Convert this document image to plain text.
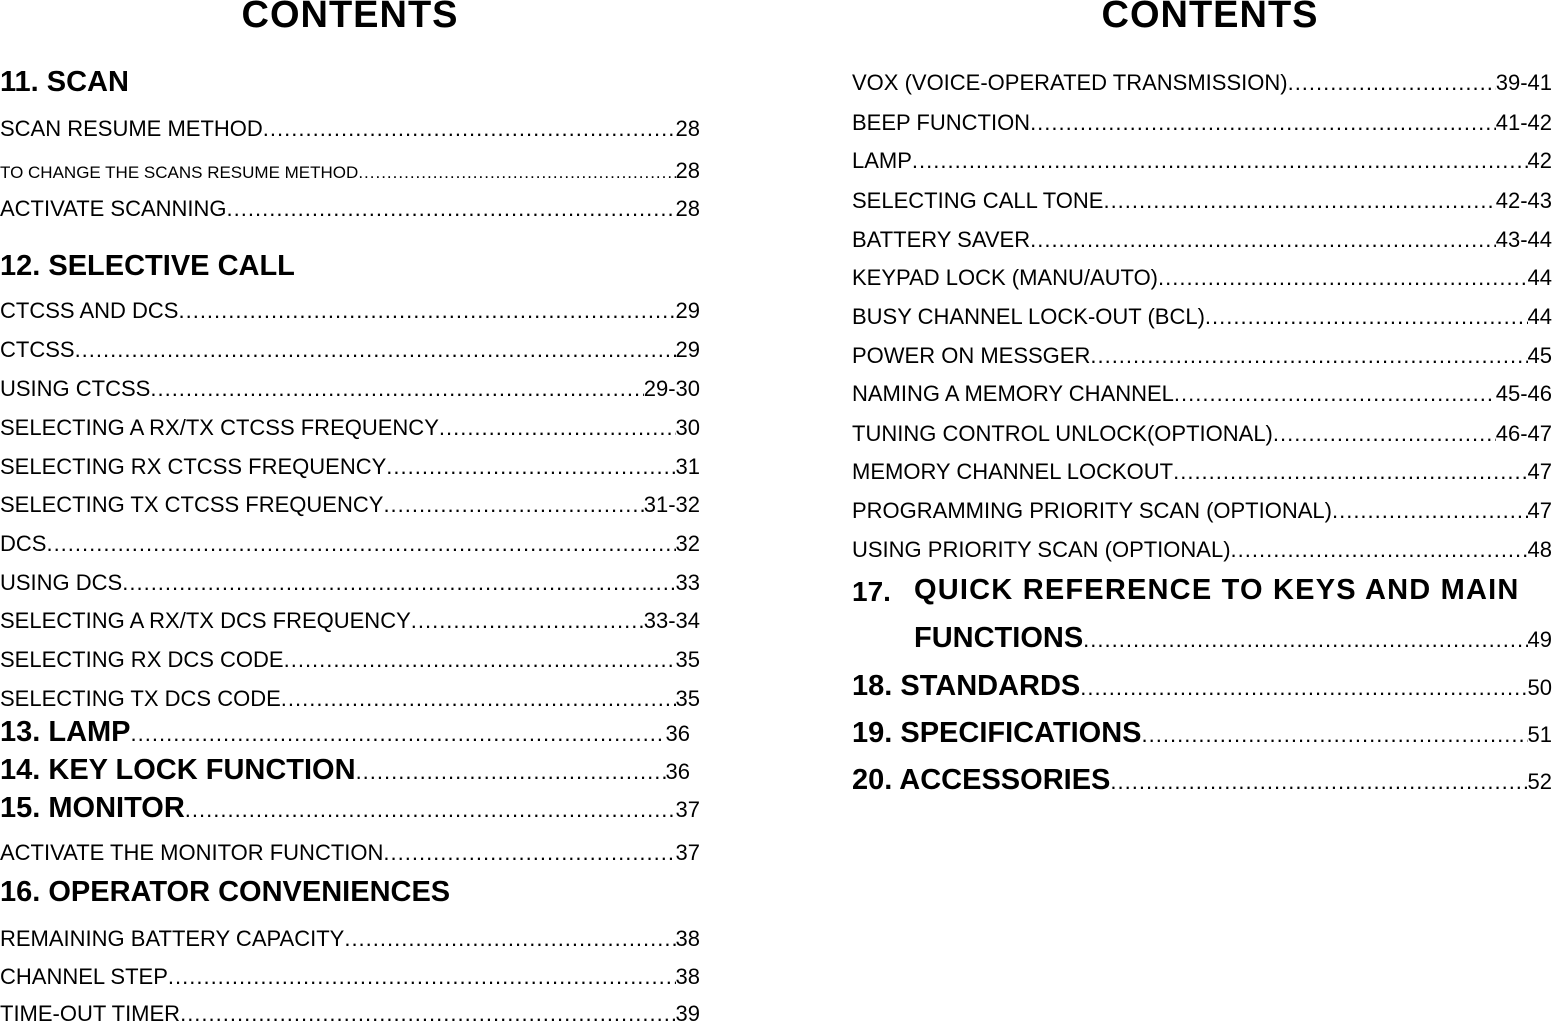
CONTENTS
11. SCAN
SCAN RESUME METHOD .....	28
TO CHANGE THE SCANS RESUME METHOD .....	28
ACTIVATE SCANNING .....	28
12. SELECTIVE CALL
CTCSS AND DCS .....	29
CTCSS .....	29
USING CTCSS .....	29-30
SELECTING A RX/TX CTCSS FREQUENCY .....	30
SELECTING RX CTCSS FREQUENCY .....	31
SELECTING TX CTCSS FREQUENCY .....	31-32
DCS .....	32
USING DCS .....	33
SELECTING A RX/TX DCS FREQUENCY .....	33-34
SELECTING RX DCS CODE .....	35
SELECTING TX DCS CODE .....	35
13. LAMP .....	36
14. KEY LOCK FUNCTION .....	36
15. MONITOR .....	37
ACTIVATE THE MONITOR FUNCTION .....	37
16. OPERATOR CONVENIENCES
REMAINING BATTERY CAPACITY .....	38
CHANNEL STEP .....	38
TIME-OUT TIMER .....	39
CONTENTS
VOX (VOICE-OPERATED TRANSMISSION) .....	39-41
BEEP FUNCTION .....	41-42
LAMP .....	42
SELECTING CALL TONE .....	42-43
BATTERY SAVER .....	43-44
KEYPAD LOCK (MANU/AUTO) .....	44
BUSY CHANNEL LOCK-OUT (BCL) .....	44
POWER ON MESSGER .....	45
NAMING A MEMORY CHANNEL .....	45-46
TUNING CONTROL UNLOCK(OPTIONAL) .....	46-47
MEMORY CHANNEL LOCKOUT .....	47
PROGRAMMING PRIORITY SCAN (OPTIONAL) .....	47
USING PRIORITY SCAN (OPTIONAL) .....	48
17. QUICK REFERENCE TO KEYS AND MAIN
FUNCTIONS .....	49
18. STANDARDS .....	50
19. SPECIFICATIONS .....	51
20. ACCESSORIES .....	52
